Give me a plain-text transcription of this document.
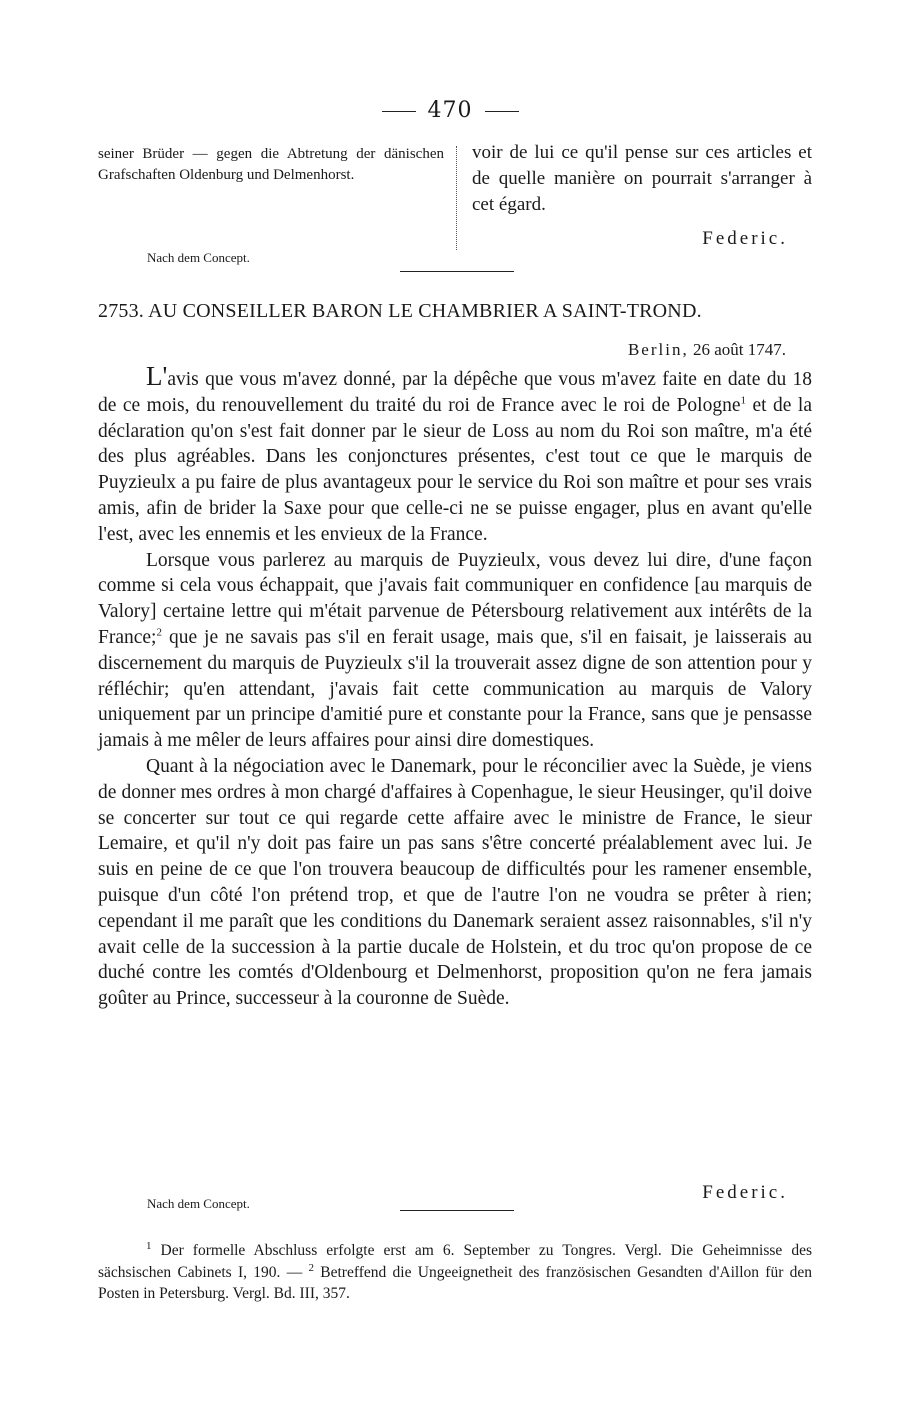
470
seiner Brüder — gegen die Abtretung der dänischen Grafschaften Oldenburg und Delmenhorst.
Nach dem Concept.
voir de lui ce qu'il pense sur ces articles et de quelle manière on pourrait s'arranger à cet égard.
Federic.
2753. AU CONSEILLER BARON LE CHAMBRIER A SAINT-TROND.
Berlin, 26 août 1747.

L'avis que vous m'avez donné, par la dépêche que vous m'avez faite en date du 18 de ce mois, du renouvellement du traité du roi de France avec le roi de Pologne$^1$ et de la déclaration qu'on s'est fait donner par le sieur de Loss au nom du Roi son maître, m'a été des plus agréables. Dans les conjonctures présentes, c'est tout ce que le marquis de Puyzieulx a pu faire de plus avantageux pour le service du Roi son maître et pour ses vrais amis, afin de brider la Saxe pour que celle-ci ne se puisse engager, plus en avant qu'elle l'est, avec les ennemis et les envieux de la France.

Lorsque vous parlerez au marquis de Puyzieulx, vous devez lui dire, d'une façon comme si cela vous échappait, que j'avais fait communiquer en confidence [au marquis de Valory] certaine lettre qui m'était parvenue de Pétersbourg relativement aux intérêts de la France;$^2$ que je ne savais pas s'il en ferait usage, mais que, s'il en faisait, je laisserais au discernement du marquis de Puyzieulx s'il la trouverait assez digne de son attention pour y réfléchir; qu'en attendant, j'avais fait cette communication au marquis de Valory uniquement par un principe d'amitié pure et constante pour la France, sans que je pensasse jamais à me mêler de leurs affaires pour ainsi dire domestiques.

Quant à la négociation avec le Danemark, pour le réconcilier avec la Suède, je viens de donner mes ordres à mon chargé d'affaires à Copenhague, le sieur Heusinger, qu'il doive se concerter sur tout ce qui regarde cette affaire avec le ministre de France, le sieur Lemaire, et qu'il n'y doit pas faire un pas sans s'être concerté préalablement avec lui. Je suis en peine de ce que l'on trouvera beaucoup de difficultés pour les ramener ensemble, puisque d'un côté l'on prétend trop, et que de l'autre l'on ne voudra se prêter à rien; cependant il me paraît que les conditions du Danemark seraient assez raisonnables, s'il n'y avait celle de la succession à la partie ducale de Holstein, et du troc qu'on propose de ce duché contre les comtés d'Oldenbourg et Delmenhorst, proposition qu'on ne fera jamais goûter au Prince, successeur à la couronne de Suède.

Nach dem Concept.
Federic.

$^1$ Der formelle Abschluss erfolgte erst am 6. September zu Tongres. Vergl. Die Geheimnisse des sächsischen Cabinets I, 190. — $^2$ Betreffend die Ungeeignetheit des französischen Gesandten d'Aillon für den Posten in Petersburg. Vergl. Bd. III, 357.
